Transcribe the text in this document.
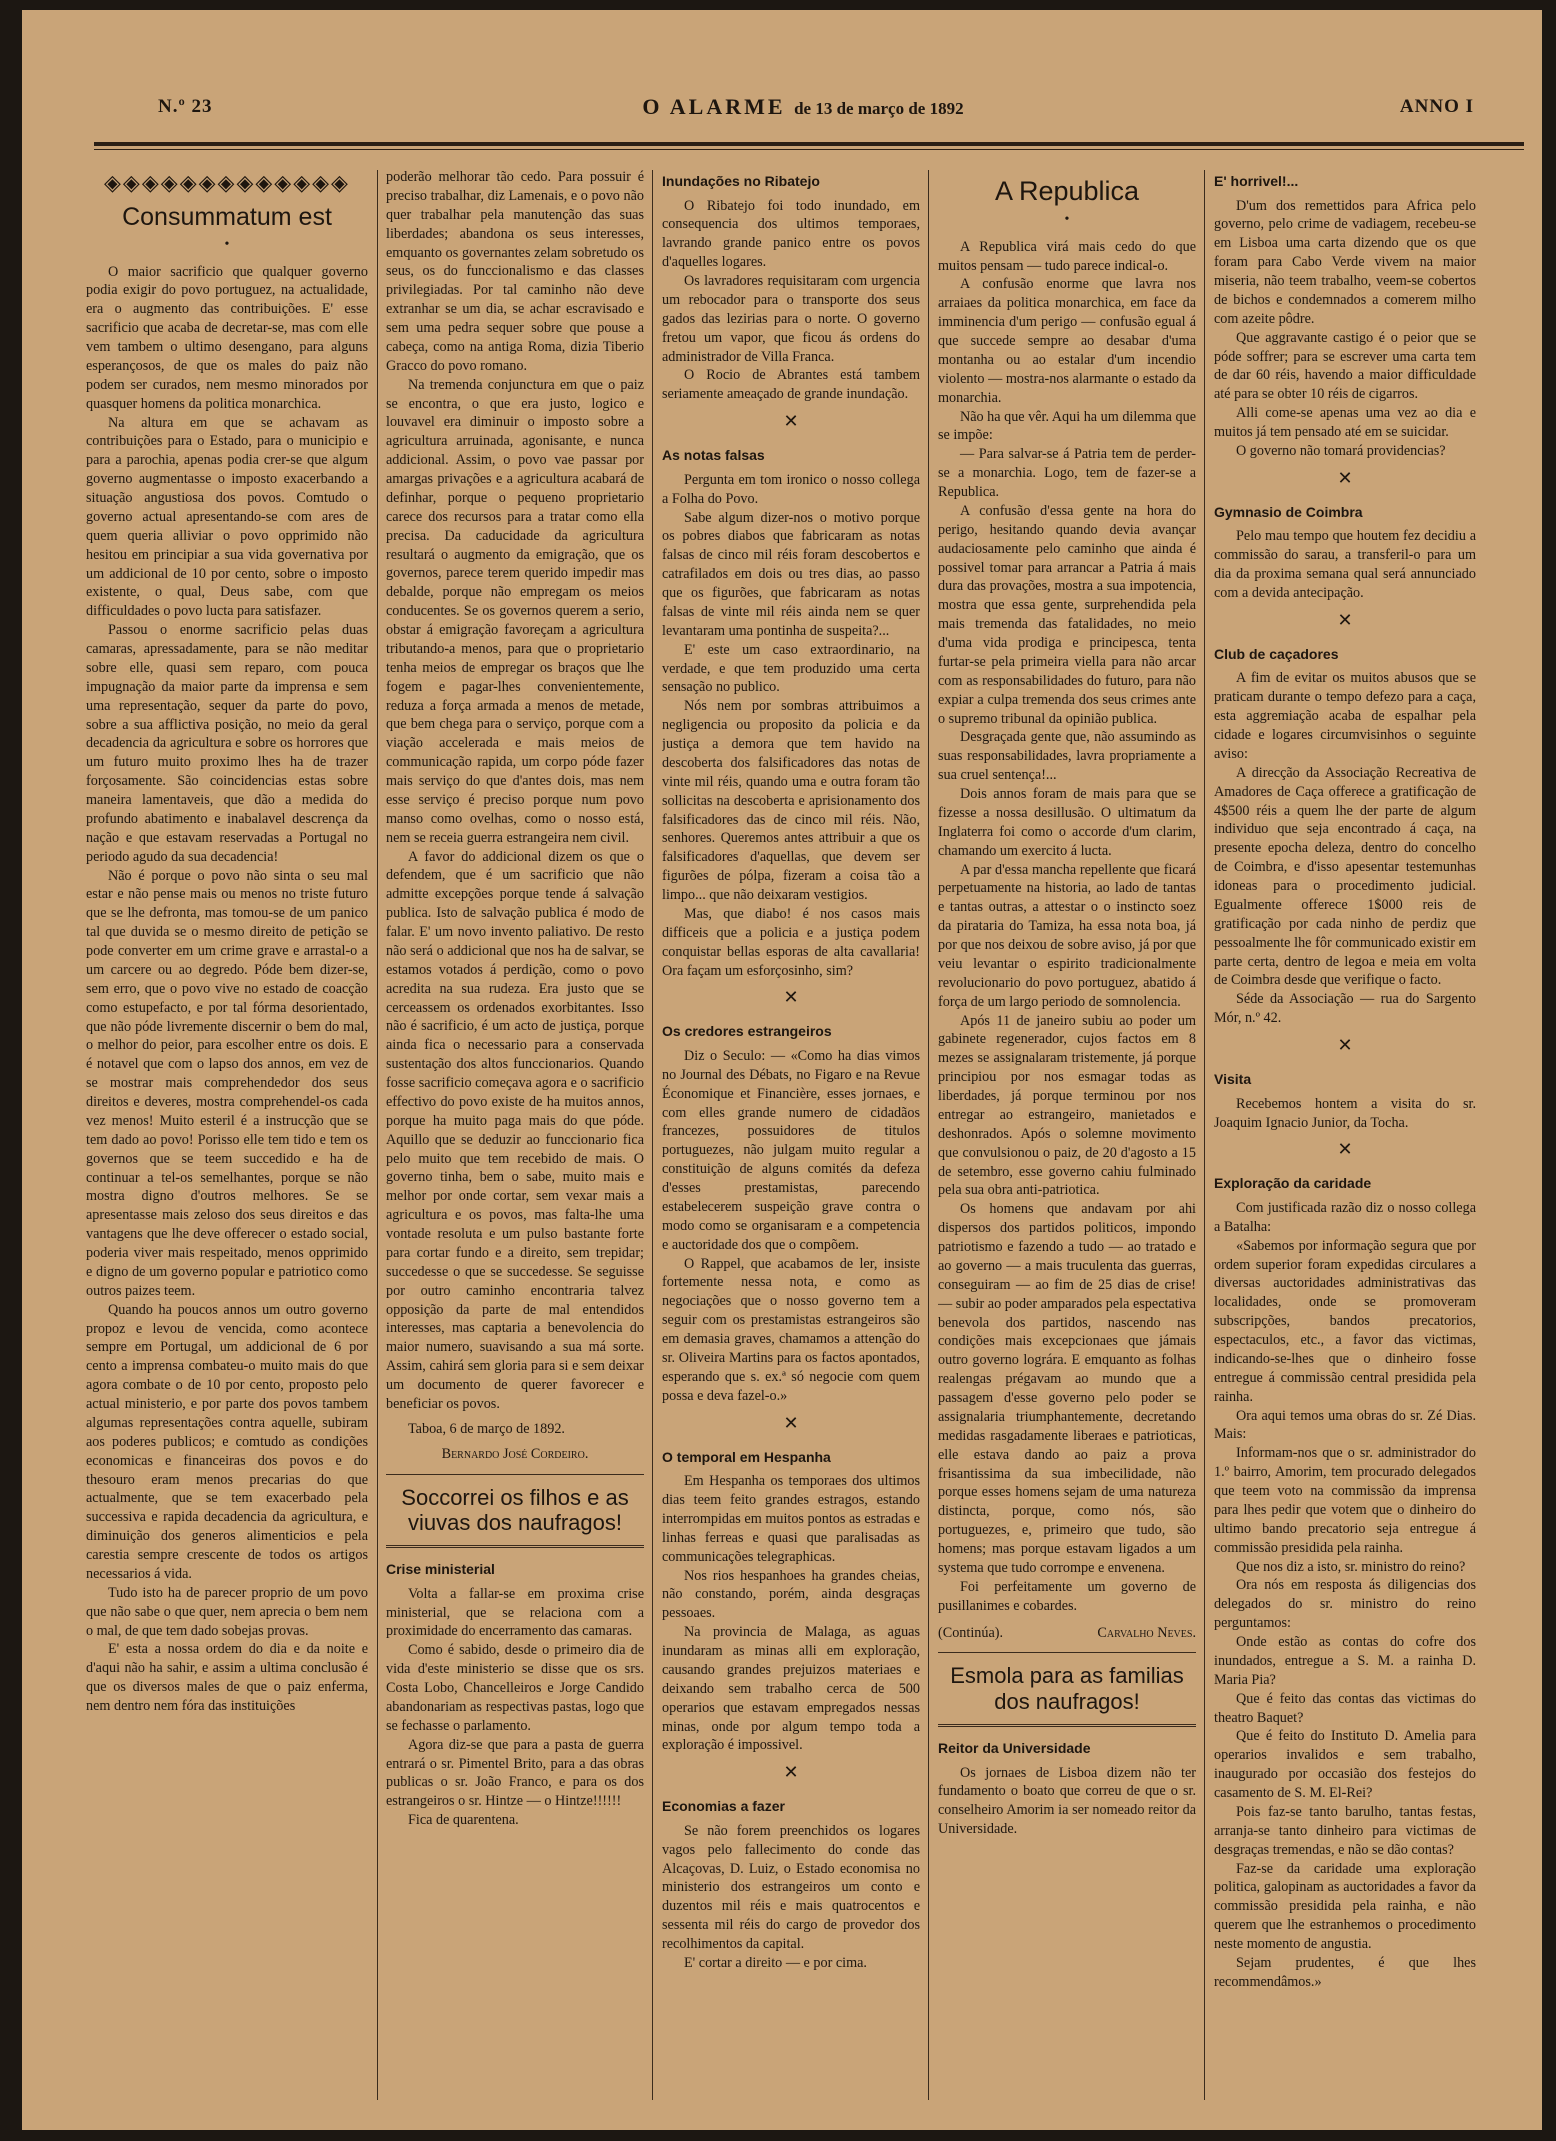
N.º 23	O ALARME de 13 de março de 1892	ANNO I
◈◈◈◈◈◈◈◈◈◈◈◈◈
Consummatum est
•

O maior sacrificio que qualquer governo podia exigir do povo portuguez, na actualidade, era o augmento das contribuições. E' esse sacrificio que acaba de decretar-se, mas com elle vem tambem o ultimo desengano, para alguns esperançosos, de que os males do paiz não podem ser curados, nem mesmo minorados por quasquer homens da politica monarchica.

Na altura em que se achavam as contribuições para o Estado, para o municipio e para a parochia, apenas podia crer-se que algum governo augmentasse o imposto exacerbando a situação angustiosa dos povos. Comtudo o governo actual apresentando-se com ares de quem queria alliviar o povo opprimido não hesitou em principiar a sua vida governativa por um addicional de 10 por cento, sobre o imposto existente, o qual, Deus sabe, com que difficuldades o povo lucta para satisfazer.

Passou o enorme sacrificio pelas duas camaras, apressadamente, para se não meditar sobre elle, quasi sem reparo, com pouca impugnação da maior parte da imprensa e sem uma representação, sequer da parte do povo, sobre a sua afflictiva posição, no meio da geral decadencia da agricultura e sobre os horrores que um futuro muito proximo lhes ha de trazer forçosamente. São coincidencias estas sobre maneira lamentaveis, que dão a medida do profundo abatimento e inabalavel descrença da nação e que estavam reservadas a Portugal no periodo agudo da sua decadencia!

Não é porque o povo não sinta o seu mal estar e não pense mais ou menos no triste futuro que se lhe defronta, mas tomou-se de um panico tal que duvida se o mesmo direito de petição se pode converter em um crime grave e arrastal-o a um carcere ou ao degredo. Póde bem dizer-se, sem erro, que o povo vive no estado de coacção como estupefacto, e por tal fórma desorientado, que não póde livremente discernir o bem do mal, o melhor do peior, para escolher entre os dois. E é notavel que com o lapso dos annos, em vez de se mostrar mais comprehendedor dos seus direitos e deveres, mostra comprehendel-os cada vez menos! Muito esteril é a instrucção que se tem dado ao povo! Porisso elle tem tido e tem os governos que se teem succedido e ha de continuar a tel-os semelhantes, porque se não mostra digno d'outros melhores. Se se apresentasse mais zeloso dos seus direitos e das vantagens que lhe deve offerecer o estado social, poderia viver mais respeitado, menos opprimido e digno de um governo popular e patriotico como outros paizes teem.

Quando ha poucos annos um outro governo propoz e levou de vencida, como acontece sempre em Portugal, um addicional de 6 por cento a imprensa combateu-o muito mais do que agora combate o de 10 por cento, proposto pelo actual ministerio, e por parte dos povos tambem algumas representações contra aquelle, subiram aos poderes publicos; e comtudo as condições economicas e financeiras dos povos e do thesouro eram menos precarias do que actualmente, que se tem exacerbado pela successiva e rapida decadencia da agricultura, e diminuição dos generos alimenticios e pela carestia sempre crescente de todos os artigos necessarios á vida.

Tudo isto ha de parecer proprio de um povo que não sabe o que quer, nem aprecia o bem nem o mal, de que tem dado sobejas provas.

E' esta a nossa ordem do dia e da noite e d'aqui não ha sahir, e assim a ultima conclusão é que os diversos males de que o paiz enferma, nem dentro nem fóra das instituições

poderão melhorar tão cedo. Para possuir é preciso trabalhar, diz Lamenais, e o povo não quer trabalhar pela manutenção das suas liberdades; abandona os seus interesses, emquanto os governantes zelam sobretudo os seus, os do funccionalismo e das classes privilegiadas. Por tal caminho não deve extranhar se um dia, se achar escravisado e sem uma pedra sequer sobre que pouse a cabeça, como na antiga Roma, dizia Tiberio Gracco do povo romano.

Na tremenda conjunctura em que o paiz se encontra, o que era justo, logico e louvavel era diminuir o imposto sobre a agricultura arruinada, agonisante, e nunca addicional. Assim, o povo vae passar por amargas privações e a agricultura acabará de definhar, porque o pequeno proprietario carece dos recursos para a tratar como ella precisa. Da caducidade da agricultura resultará o augmento da emigração, que os governos, parece terem querido impedir mas debalde, porque não empregam os meios conducentes. Se os governos querem a serio, obstar á emigração favoreçam a agricultura tributando-a menos, para que o proprietario tenha meios de empregar os braços que lhe fogem e pagar-lhes convenientemente, reduza a força armada a menos de metade, que bem chega para o serviço, porque com a viação accelerada e mais meios de communicação rapida, um corpo póde fazer mais serviço do que d'antes dois, mas nem esse serviço é preciso porque num povo manso como ovelhas, como o nosso está, nem se receia guerra estrangeira nem civil.

A favor do addicional dizem os que o defendem, que é um sacrificio que não admitte excepções porque tende á salvação publica. Isto de salvação publica é modo de falar. E' um novo invento paliativo. De resto não será o addicional que nos ha de salvar, se estamos votados á perdição, como o povo acredita na sua rudeza. Era justo que se cerceassem os ordenados exorbitantes. Isso não é sacrificio, é um acto de justiça, porque ainda fica o necessario para a conservada sustentação dos altos funccionarios. Quando fosse sacrificio começava agora e o sacrificio effectivo do povo existe de ha muitos annos, porque ha muito paga mais do que póde. Aquillo que se deduzir ao funccionario fica pelo muito que tem recebido de mais. O governo tinha, bem o sabe, muito mais e melhor por onde cortar, sem vexar mais a agricultura e os povos, mas falta-lhe uma vontade resoluta e um pulso bastante forte para cortar fundo e a direito, sem trepidar; succedesse o que se succedesse. Se seguisse por outro caminho encontraria talvez opposição da parte de mal entendidos interesses, mas captaria a benevolencia do maior numero, suavisando a sua má sorte. Assim, cahirá sem gloria para si e sem deixar um documento de querer favorecer e beneficiar os povos.

Taboa, 6 de março de 1892.

Bernardo José Cordeiro.

Soccorrei os filhos e as viuvas dos naufragos!
Crise ministerial

Volta a fallar-se em proxima crise ministerial, que se relaciona com a proximidade do encerramento das camaras.

Como é sabido, desde o primeiro dia de vida d'este ministerio se disse que os srs. Costa Lobo, Chancelleiros e Jorge Candido abandonariam as respectivas pastas, logo que se fechasse o parlamento.

Agora diz-se que para a pasta de guerra entrará o sr. Pimentel Brito, para a das obras publicas o sr. João Franco, e para os dos estrangeiros o sr. Hintze — o Hintze!!!!!!

Fica de quarentena.

Inundações no Ribatejo

O Ribatejo foi todo inundado, em consequencia dos ultimos temporaes, lavrando grande panico entre os povos d'aquelles logares.

Os lavradores requisitaram com urgencia um rebocador para o transporte dos seus gados das lezirias para o norte. O governo fretou um vapor, que ficou ás ordens do administrador de Villa Franca.

O Rocio de Abrantes está tambem seriamente ameaçado de grande inundação.

✕
As notas falsas

Pergunta em tom ironico o nosso collega a Folha do Povo.

Sabe algum dizer-nos o motivo porque os pobres diabos que fabricaram as notas falsas de cinco mil réis foram descobertos e catrafilados em dois ou tres dias, ao passo que os figurões, que fabricaram as notas falsas de vinte mil réis ainda nem se quer levantaram uma pontinha de suspeita?...

E' este um caso extraordinario, na verdade, e que tem produzido uma certa sensação no publico.

Nós nem por sombras attribuimos a negligencia ou proposito da policia e da justiça a demora que tem havido na descoberta dos falsificadores das notas de vinte mil réis, quando uma e outra foram tão sollicitas na descoberta e aprisionamento dos falsificadores das de cinco mil réis. Não, senhores. Queremos antes attribuir a que os falsificadores d'aquellas, que devem ser figurões de pólpa, fizeram a coisa tão a limpo... que não deixaram vestigios.

Mas, que diabo! é nos casos mais difficeis que a policia e a justiça podem conquistar bellas esporas de alta cavallaria! Ora façam um esforçosinho, sim?

✕
Os credores estrangeiros

Diz o Seculo: — «Como ha dias vimos no Journal des Débats, no Figaro e na Revue Économique et Financière, esses jornaes, e com elles grande numero de cidadãos francezes, possuidores de titulos portuguezes, não julgam muito regular a constituição de alguns comités da defeza d'esses prestamistas, parecendo estabelecerem suspeição grave contra o modo como se organisaram e a competencia e auctoridade dos que o compõem.

O Rappel, que acabamos de ler, insiste fortemente nessa nota, e como as negociações que o nosso governo tem a seguir com os prestamistas estrangeiros são em demasia graves, chamamos a attenção do sr. Oliveira Martins para os factos apontados, esperando que s. ex.ª só negocie com quem possa e deva fazel-o.»

✕
O temporal em Hespanha

Em Hespanha os temporaes dos ultimos dias teem feito grandes estragos, estando interrompidas em muitos pontos as estradas e linhas ferreas e quasi que paralisadas as communicações telegraphicas.

Nos rios hespanhoes ha grandes cheias, não constando, porém, ainda desgraças pessoaes.

Na provincia de Malaga, as aguas inundaram as minas alli em exploração, causando grandes prejuizos materiaes e deixando sem trabalho cerca de 500 operarios que estavam empregados nessas minas, onde por algum tempo toda a exploração é impossivel.

✕
Economias a fazer

Se não forem preenchidos os logares vagos pelo fallecimento do conde das Alcaçovas, D. Luiz, o Estado economisa no ministerio dos estrangeiros um conto e duzentos mil réis e mais quatrocentos e sessenta mil réis do cargo de provedor dos recolhimentos da capital.

E' cortar a direito — e por cima.

A Republica
•

A Republica virá mais cedo do que muitos pensam — tudo parece indical-o.

A confusão enorme que lavra nos arraiaes da politica monarchica, em face da imminencia d'um perigo — confusão egual á que succede sempre ao desabar d'uma montanha ou ao estalar d'um incendio violento — mostra-nos alarmante o estado da monarchia.

Não ha que vêr. Aqui ha um dilemma que se impõe:

— Para salvar-se á Patria tem de perder-se a monarchia. Logo, tem de fazer-se a Republica.

A confusão d'essa gente na hora do perigo, hesitando quando devia avançar audaciosamente pelo caminho que ainda é possivel tomar para arrancar a Patria á mais dura das provações, mostra a sua impotencia, mostra que essa gente, surprehendida pela mais tremenda das fatalidades, no meio d'uma vida prodiga e principesca, tenta furtar-se pela primeira viella para não arcar com as responsabilidades do futuro, para não expiar a culpa tremenda dos seus crimes ante o supremo tribunal da opinião publica.

Desgraçada gente que, não assumindo as suas responsabilidades, lavra propriamente a sua cruel sentença!...

Dois annos foram de mais para que se fizesse a nossa desillusão. O ultimatum da Inglaterra foi como o accorde d'um clarim, chamando um exercito á lucta.

A par d'essa mancha repellente que ficará perpetuamente na historia, ao lado de tantas e tantas outras, a attestar o o instincto soez da pirataria do Tamiza, ha essa nota boa, já por que nos deixou de sobre aviso, já por que veiu levantar o espirito tradicionalmente revolucionario do povo portuguez, abatido á força de um largo periodo de somnolencia.

Após 11 de janeiro subiu ao poder um gabinete regenerador, cujos factos em 8 mezes se assignalaram tristemente, já porque principiou por nos esmagar todas as liberdades, já porque terminou por nos entregar ao estrangeiro, manietados e deshonrados. Após o solemne movimento que convulsionou o paiz, de 20 d'agosto a 15 de setembro, esse governo cahiu fulminado pela sua obra anti-patriotica.

Os homens que andavam por ahi dispersos dos partidos politicos, impondo patriotismo e fazendo a tudo — ao tratado e ao governo — a mais truculenta das guerras, conseguiram — ao fim de 25 dias de crise! — subir ao poder amparados pela espectativa benevola dos partidos, nascendo nas condições mais excepcionaes que jámais outro governo lográra. E emquanto as folhas realengas prégavam ao mundo que a passagem d'esse governo pelo poder se assignalaria triumphantemente, decretando medidas rasgadamente liberaes e patrioticas, elle estava dando ao paiz a prova frisantissima da sua imbecilidade, não porque esses homens sejam de uma natureza distincta, porque, como nós, são portuguezes, e, primeiro que tudo, são homens; mas porque estavam ligados a um systema que tudo corrompe e envenena.

Foi perfeitamente um governo de pusillanimes e cobardes.

(Continúa).	Carvalho Neves.
Esmola para as familias dos naufragos!
Reitor da Universidade

Os jornaes de Lisboa dizem não ter fundamento o boato que correu de que o sr. conselheiro Amorim ia ser nomeado reitor da Universidade.

E' horrivel!...

D'um dos remettidos para Africa pelo governo, pelo crime de vadiagem, recebeu-se em Lisboa uma carta dizendo que os que foram para Cabo Verde vivem na maior miseria, não teem trabalho, veem-se cobertos de bichos e condemnados a comerem milho com azeite pôdre.

Que aggravante castigo é o peior que se póde soffrer; para se escrever uma carta tem de dar 60 réis, havendo a maior difficuldade até para se obter 10 réis de cigarros.

Alli come-se apenas uma vez ao dia e muitos já tem pensado até em se suicidar.

O governo não tomará providencias?

✕
Gymnasio de Coimbra

Pelo mau tempo que houtem fez decidiu a commissão do sarau, a transferil-o para um dia da proxima semana qual será annunciado com a devida antecipação.

✕
Club de caçadores

A fim de evitar os muitos abusos que se praticam durante o tempo defezo para a caça, esta aggremiação acaba de espalhar pela cidade e logares circumvisinhos o seguinte aviso:

A direcção da Associação Recreativa de Amadores de Caça offerece a gratificação de 4$500 réis a quem lhe der parte de algum individuo que seja encontrado á caça, na presente epocha deleza, dentro do concelho de Coimbra, e d'isso apesentar testemunhas idoneas para o procedimento judicial. Egualmente offerece 1$000 reis de gratificação por cada ninho de perdiz que pessoalmente lhe fôr communicado existir em parte certa, dentro de legoa e meia em volta de Coimbra desde que verifique o facto.

Séde da Associação — rua do Sargento Mór, n.º 42.

✕
Visita

Recebemos hontem a visita do sr. Joaquim Ignacio Junior, da Tocha.

✕
Exploração da caridade

Com justificada razão diz o nosso collega a Batalha:

«Sabemos por informação segura que por ordem superior foram expedidas circulares a diversas auctoridades administrativas das localidades, onde se promoveram subscripções, bandos precatorios, espectaculos, etc., a favor das victimas, indicando-se-lhes que o dinheiro fosse entregue á commissão central presidida pela rainha.

Ora aqui temos uma obras do sr. Zé Dias. Mais:

Informam-nos que o sr. administrador do 1.º bairro, Amorim, tem procurado delegados que teem voto na commissão da imprensa para lhes pedir que votem que o dinheiro do ultimo bando precatorio seja entregue á commissão presidida pela rainha.

Que nos diz a isto, sr. ministro do reino?

Ora nós em resposta ás diligencias dos delegados do sr. ministro do reino perguntamos:

Onde estão as contas do cofre dos inundados, entregue a S. M. a rainha D. Maria Pia?

Que é feito das contas das victimas do theatro Baquet?

Que é feito do Instituto D. Amelia para operarios invalidos e sem trabalho, inaugurado por occasião dos festejos do casamento de S. M. El-Rei?

Pois faz-se tanto barulho, tantas festas, arranja-se tanto dinheiro para victimas de desgraças tremendas, e não se dão contas?

Faz-se da caridade uma exploração politica, galopinam as auctoridades a favor da commissão presidida pela rainha, e não querem que lhe estranhemos o procedimento neste momento de angustia.

Sejam prudentes, é que lhes recommendâmos.»
